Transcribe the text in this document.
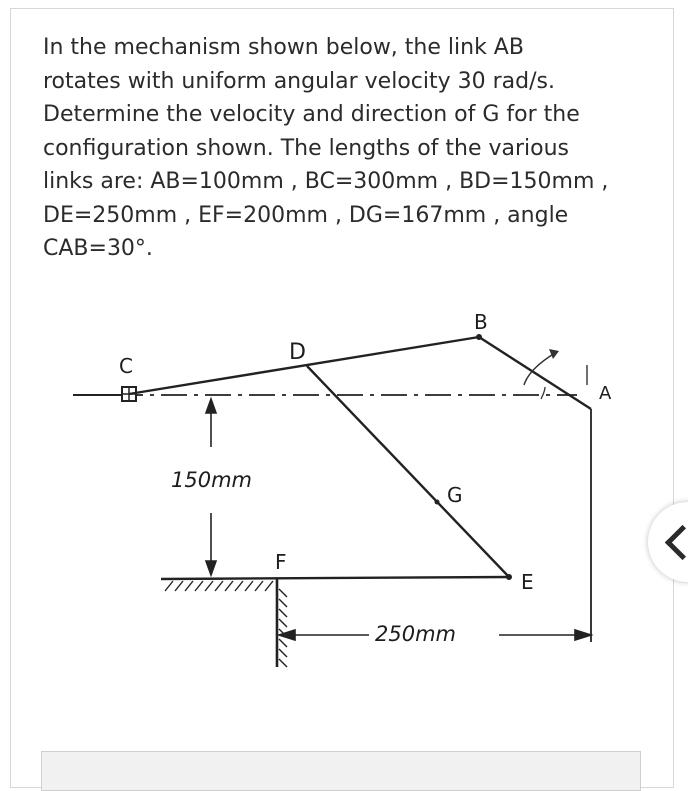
In the mechanism shown below, the link AB
rotates with uniform angular velocity 30 rad/s.
Determine the velocity and direction of G for the
configuration shown. The lengths of the various
links are: AB=100mm , BC=300mm , BD=150mm ,
DE=250mm , EF=200mm , DG=167mm , angle
CAB=30°.

C
D
B
A
G
F
E
150mm
250mm
